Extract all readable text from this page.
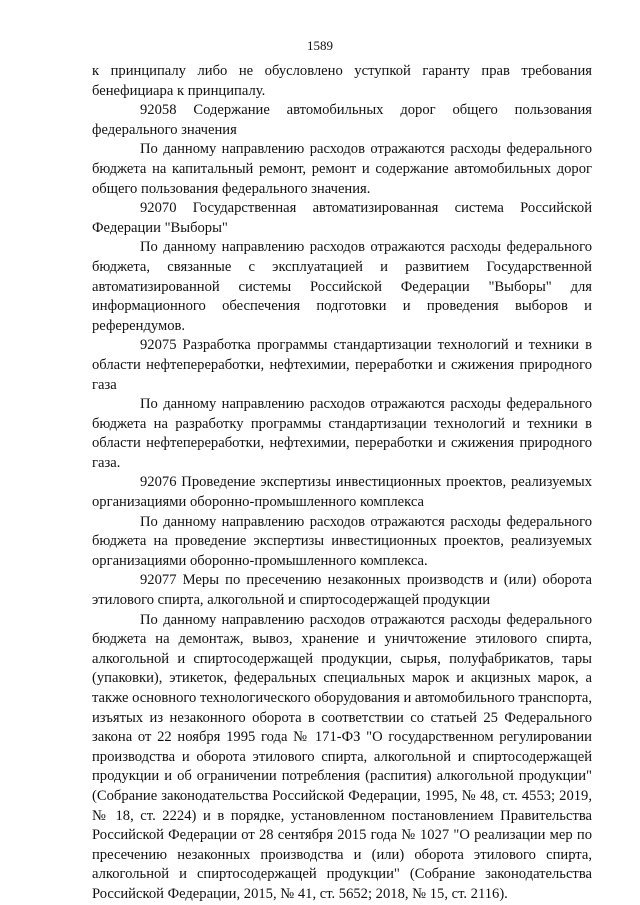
1589

к принципалу либо не обусловлено уступкой гаранту прав требования бенефициара к принципалу.

92058 Содержание автомобильных дорог общего пользования федерального значения

По данному направлению расходов отражаются расходы федерального бюджета на капитальный ремонт, ремонт и содержание автомобильных дорог общего пользования федерального значения.

92070 Государственная автоматизированная система Российской Федерации "Выборы"

По данному направлению расходов отражаются расходы федерального бюджета, связанные с эксплуатацией и развитием Государственной автоматизированной системы Российской Федерации "Выборы" для информационного обеспечения подготовки и проведения выборов и референдумов.

92075 Разработка программы стандартизации технологий и техники в области нефтепереработки, нефтехимии, переработки и сжижения природного газа

По данному направлению расходов отражаются расходы федерального бюджета на разработку программы стандартизации технологий и техники в области нефтепереработки, нефтехимии, переработки и сжижения природного газа.

92076 Проведение экспертизы инвестиционных проектов, реализуемых организациями оборонно-промышленного комплекса

По данному направлению расходов отражаются расходы федерального бюджета на проведение экспертизы инвестиционных проектов, реализуемых организациями оборонно-промышленного комплекса.

92077 Меры по пресечению незаконных производств и (или) оборота этилового спирта, алкогольной и спиртосодержащей продукции

По данному направлению расходов отражаются расходы федерального бюджета на демонтаж, вывоз, хранение и уничтожение этилового спирта, алкогольной и спиртосодержащей продукции, сырья, полуфабрикатов, тары (упаковки), этикеток, федеральных специальных марок и акцизных марок, а также основного технологического оборудования и автомобильного транспорта, изъятых из незаконного оборота в соответствии со статьей 25 Федерального закона от 22 ноября 1995 года № 171-ФЗ "О государственном регулировании производства и оборота этилового спирта, алкогольной и спиртосодержащей продукции и об ограничении потребления (распития) алкогольной продукции" (Собрание законодательства Российской Федерации, 1995, № 48, ст. 4553; 2019, № 18, ст. 2224) и в порядке, установленном постановлением Правительства Российской Федерации от 28 сентября 2015 года № 1027 "О реализации мер по пресечению незаконных производства и (или) оборота этилового спирта, алкогольной и спиртосодержащей продукции" (Собрание законодательства Российской Федерации, 2015, № 41, ст. 5652; 2018, № 15, ст. 2116).
